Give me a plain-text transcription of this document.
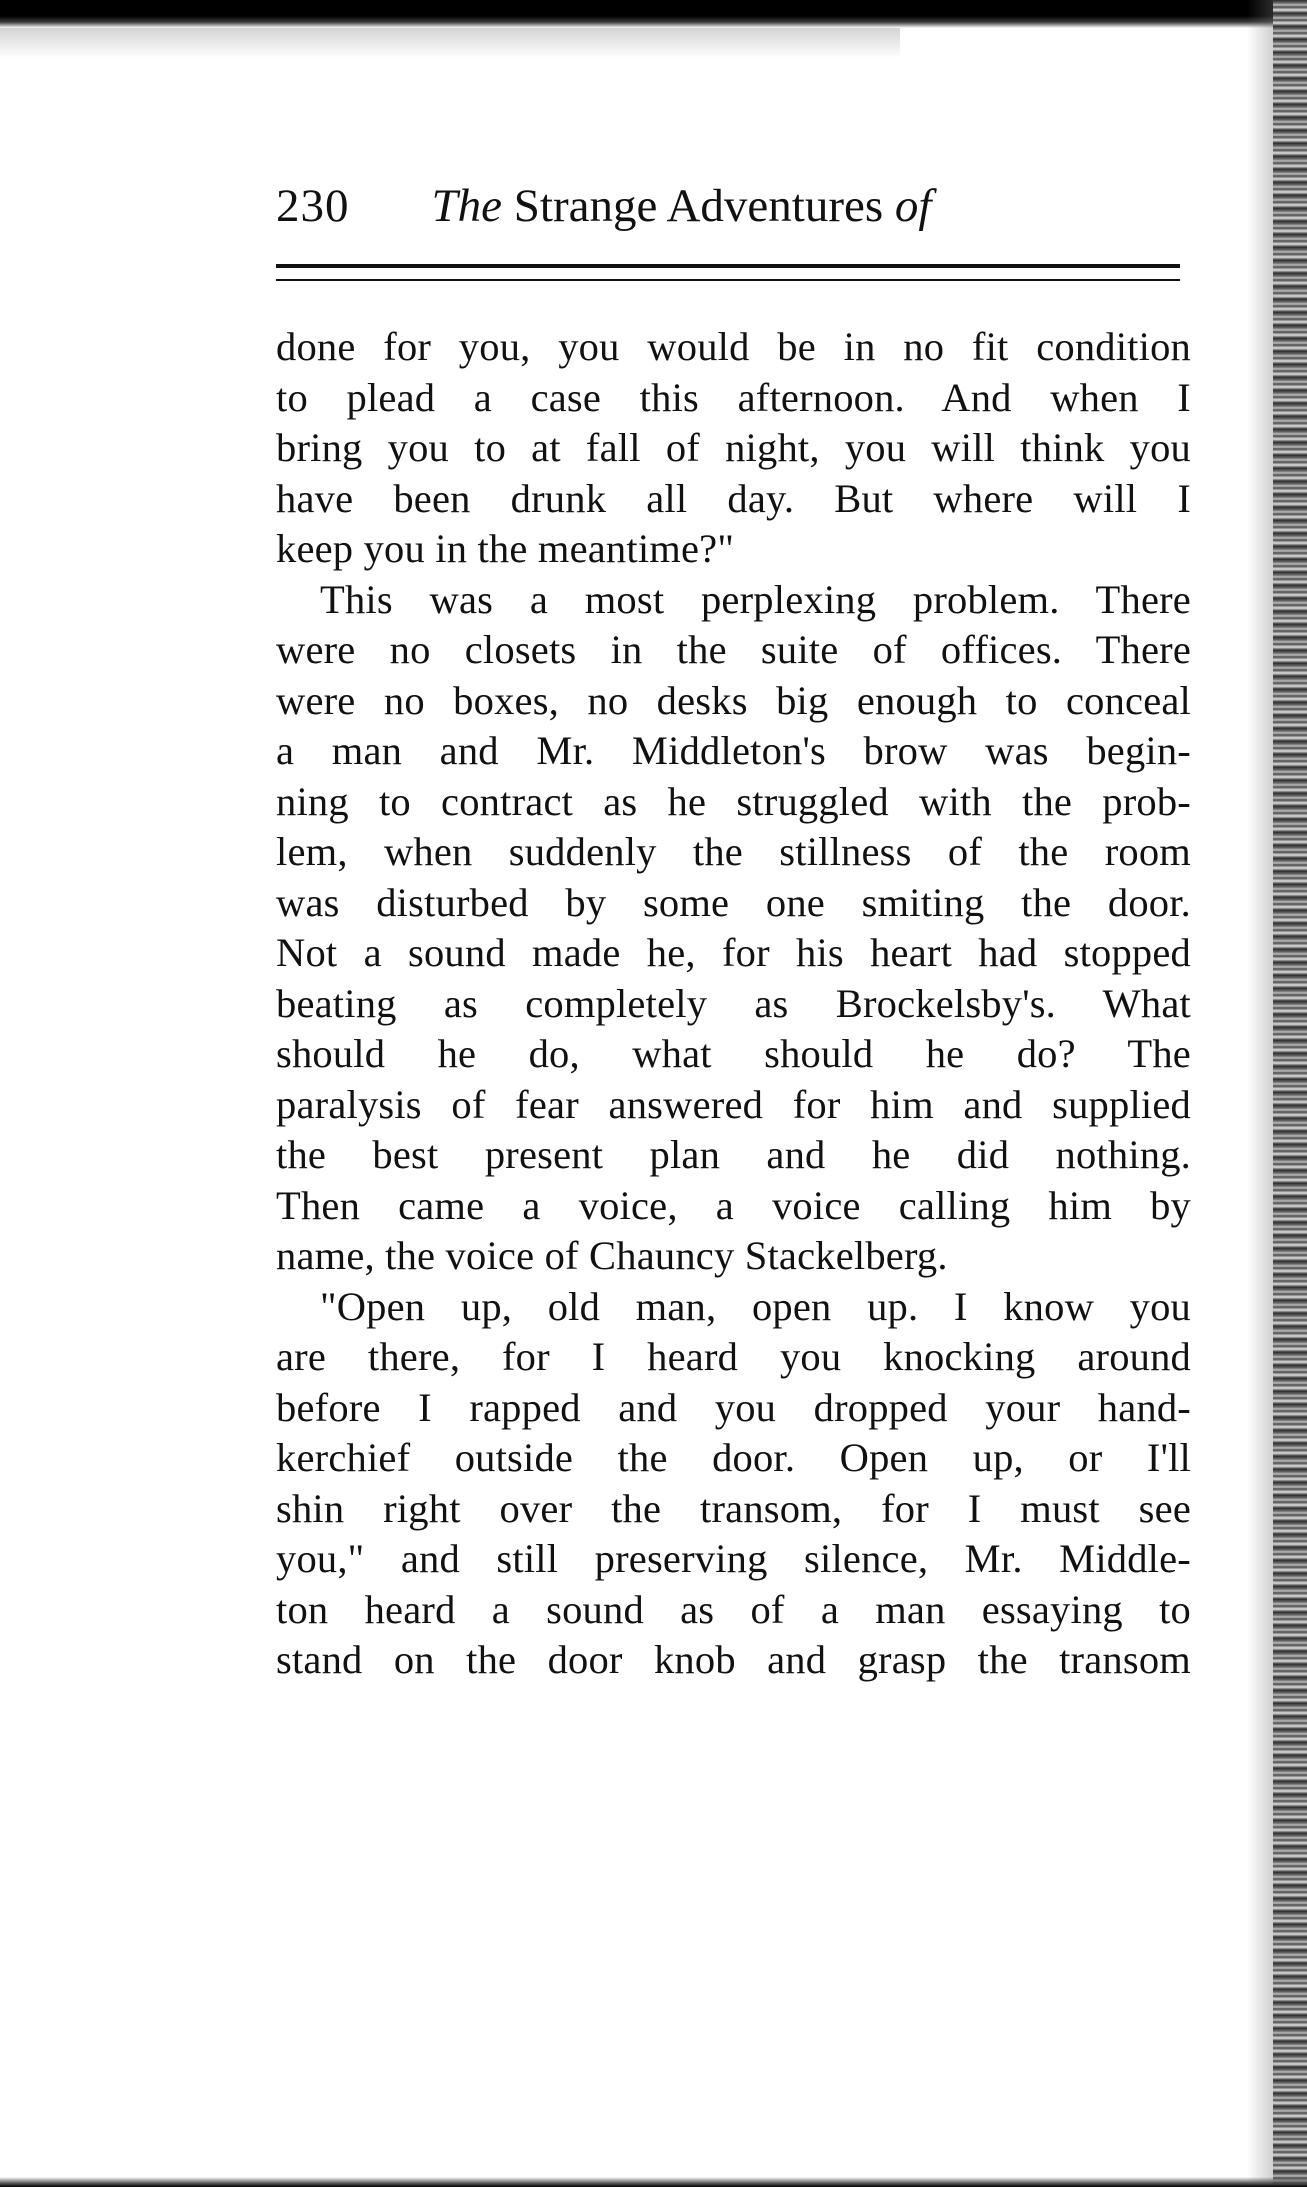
230 The Strange Adventures of
done for you, you would be in no fit condition
to plead a case this afternoon. And when I
bring you to at fall of night, you will think you
have been drunk all day. But where will I
keep you in the meantime?"
This was a most perplexing problem. There
were no closets in the suite of offices. There
were no boxes, no desks big enough to conceal
a man and Mr. Middleton's brow was begin-
ning to contract as he struggled with the prob-
lem, when suddenly the stillness of the room
was disturbed by some one smiting the door.
Not a sound made he, for his heart had stopped
beating as completely as Brockelsby's. What
should he do, what should he do? The
paralysis of fear answered for him and supplied
the best present plan and he did nothing.
Then came a voice, a voice calling him by
name, the voice of Chauncy Stackelberg.
"Open up, old man, open up. I know you
are there, for I heard you knocking around
before I rapped and you dropped your hand-
kerchief outside the door. Open up, or I'll
shin right over the transom, for I must see
you," and still preserving silence, Mr. Middle-
ton heard a sound as of a man essaying to
stand on the door knob and grasp the transom
